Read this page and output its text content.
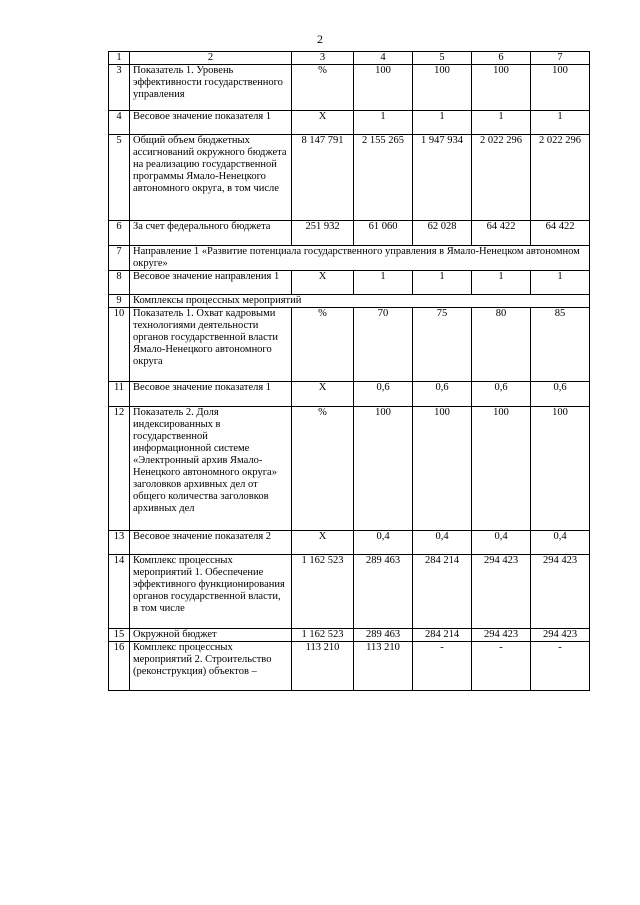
2
1	2	3	4	5	6	7
3	Показатель 1. Уровень эффективности государственного управления	%	100	100	100	100
4	Весовое значение показателя 1	Х	1	1	1	1
5	Общий объем бюджетных ассигнований окружного бюджета на реализацию государственной программы Ямало-Ненецкого автономного округа, в том числе	8 147 791	2 155 265	1 947 934	2 022 296	2 022 296
6	За счет федерального бюджета	251 932	61 060	62 028	64 422	64 422
7	Направление 1 «Развитие потенциала государственного управления в Ямало-Ненецком автономном округе»					
8	Весовое значение направления 1	Х	1	1	1	1
9	Комплексы процессных мероприятий					
10	Показатель 1. Охват кадровыми технологиями деятельности органов государственной власти Ямало-Ненецкого автономного округа	%	70	75	80	85
11	Весовое значение показателя 1	Х	0,6	0,6	0,6	0,6
12	Показатель 2. Доля индексированных в государственной информационной системе «Электронный архив Ямало-Ненецкого автономного округа» заголовков архивных дел от общего количества заголовков архивных дел	%	100	100	100	100
13	Весовое значение показателя 2	Х	0,4	0,4	0,4	0,4
14	Комплекс процессных мероприятий 1. Обеспечение эффективного функционирования органов государственной власти, в том числе	1 162 523	289 463	284 214	294 423	294 423
15	Окружной бюджет	1 162 523	289 463	284 214	294 423	294 423
16	Комплекс процессных мероприятий 2. Строительство (реконструкция) объектов –	113 210	113 210	-	-	-
